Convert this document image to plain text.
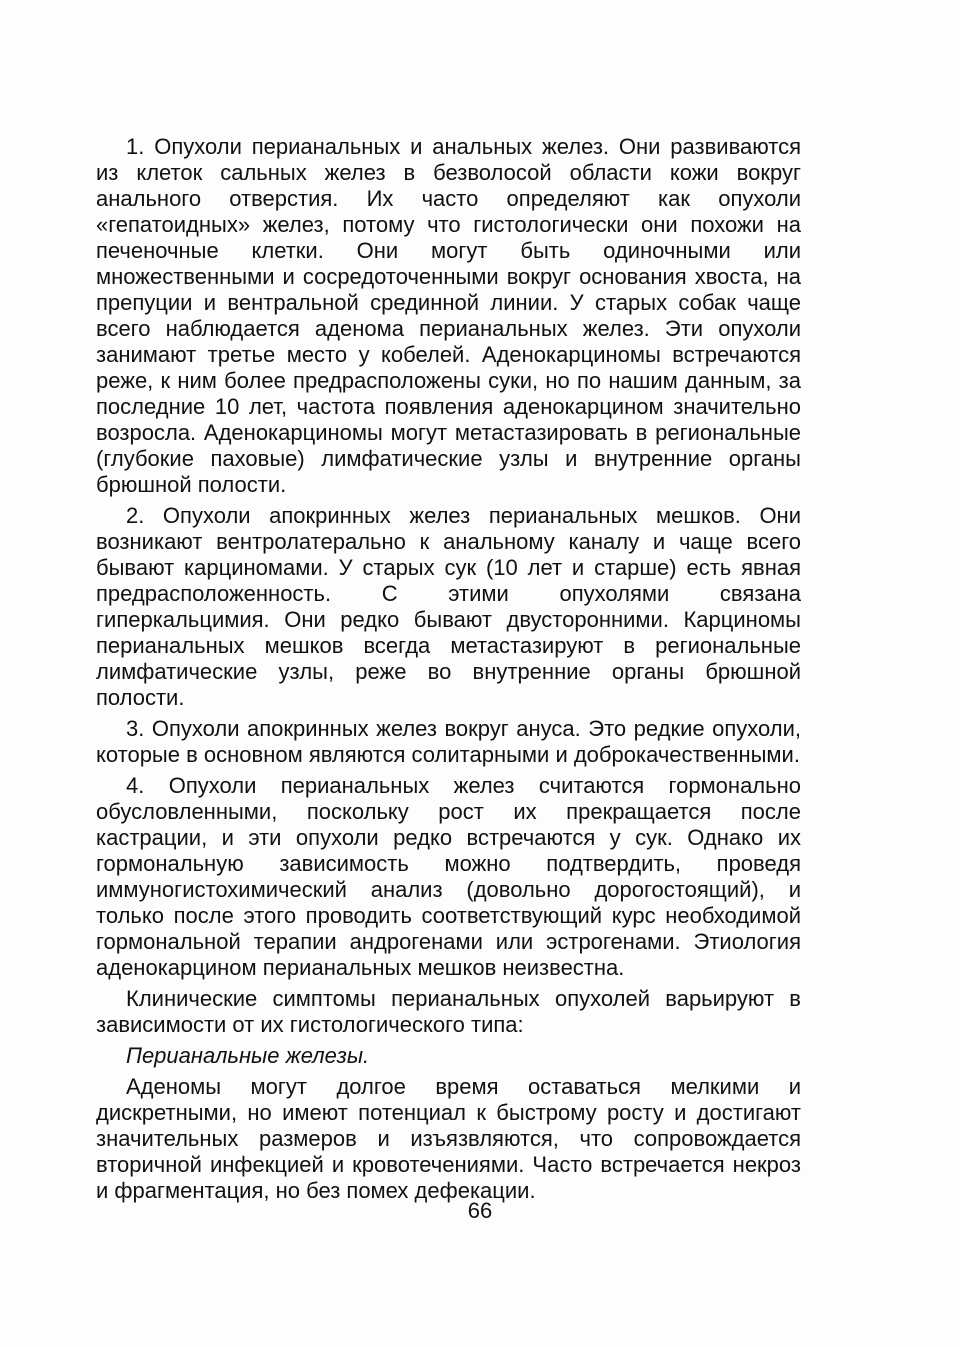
1. Опухоли перианальных и анальных желез. Они развиваются из клеток сальных желез в безволосой области кожи вокруг анального отверстия. Их часто определяют как опухоли «гепатоидных» желез, потому что гистологически они похожи на печеночные клетки. Они могут быть одиночными или множественными и сосредоточенными вокруг основания хвоста, на препуции и вентральной срединной линии. У старых собак чаще всего наблюдается аденома перианальных желез. Эти опухоли занимают третье место у кобелей. Аденокарциномы встречаются реже, к ним более предрасположены суки, но по нашим данным, за последние 10 лет, частота появления аденокарцином значительно возросла. Аденокарциномы могут метастазировать в региональные (глубокие паховые) лимфатические узлы и внутренние органы брюшной полости.

2. Опухоли апокринных желез перианальных мешков. Они возникают вентролатерально к анальному каналу и чаще всего бывают карциномами. У старых сук (10 лет и старше) есть явная предрасположенность. С этими опухолями связана гиперкальцимия. Они редко бывают двусторонними. Карциномы перианальных мешков всегда метастазируют в региональные лимфатические узлы, реже во внутренние органы брюшной полости.

3. Опухоли апокринных желез вокруг ануса. Это редкие опухоли, которые в основном являются солитарными и доброкачественными.

4. Опухоли перианальных желез считаются гормонально обусловленными, поскольку рост их прекращается после кастрации, и эти опухоли редко встречаются у сук. Однако их гормональную зависимость можно подтвердить, проведя иммуногистохимический анализ (довольно дорогостоящий), и только после этого проводить соответствующий курс необходимой гормональной терапии андрогенами или эстрогенами. Этиология аденокарцином перианальных мешков неизвестна.

Клинические симптомы перианальных опухолей варьируют в зависимости от их гистологического типа:

Перианальные железы.

Аденомы могут долгое время оставаться мелкими и дискретными, но имеют потенциал к быстрому росту и достигают значительных размеров и изъязвляются, что сопровождается вторичной инфекцией и кровотечениями. Часто встречается некроз и фрагментация, но без помех дефекации.

66
